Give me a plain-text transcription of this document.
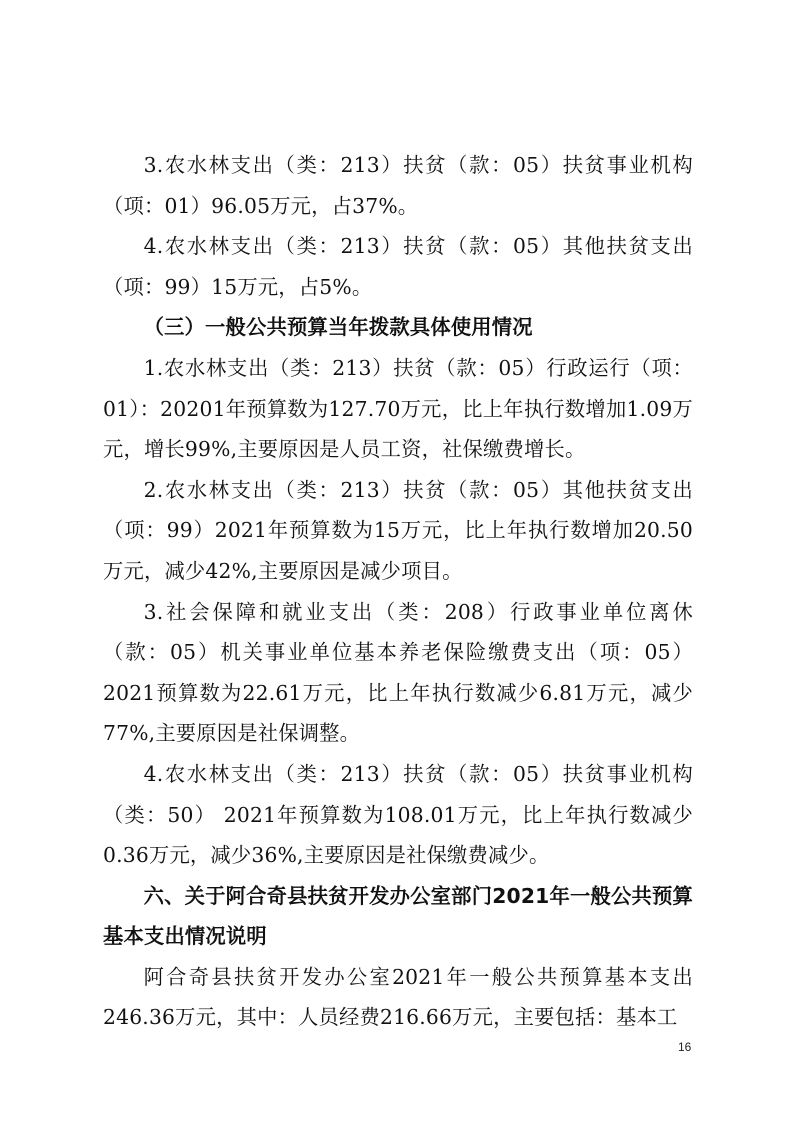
3.农水林支出（类：213）扶贫（款：05）扶贫事业机构（项：01）96.05万元，占37%。

4.农水林支出（类：213）扶贫（款：05）其他扶贫支出（项：99）15万元，占5%。

（三）一般公共预算当年拨款具体使用情况

1.农水林支出（类：213）扶贫（款：05）行政运行（项：01）：20201年预算数为127.70万元，比上年执行数增加1.09万元，增长99%,主要原因是人员工资，社保缴费增长。

2.农水林支出（类：213）扶贫（款：05）其他扶贫支出（项：99）2021年预算数为15万元，比上年执行数增加20.50万元，减少42%,主要原因是减少项目。

3.社会保障和就业支出（类：208）行政事业单位离休（款：05）机关事业单位基本养老保险缴费支出（项：05）2021预算数为22.61万元，比上年执行数减少6.81万元，减少77%,主要原因是社保调整。

4.农水林支出（类：213）扶贫（款：05）扶贫事业机构（类：50） 2021年预算数为108.01万元，比上年执行数减少0.36万元，减少36%,主要原因是社保缴费减少。

六、关于阿合奇县扶贫开发办公室部门2021年一般公共预算基本支出情况说明

阿合奇县扶贫开发办公室2021年一般公共预算基本支出246.36万元，其中：人员经费216.66万元，主要包括：基本工

16
